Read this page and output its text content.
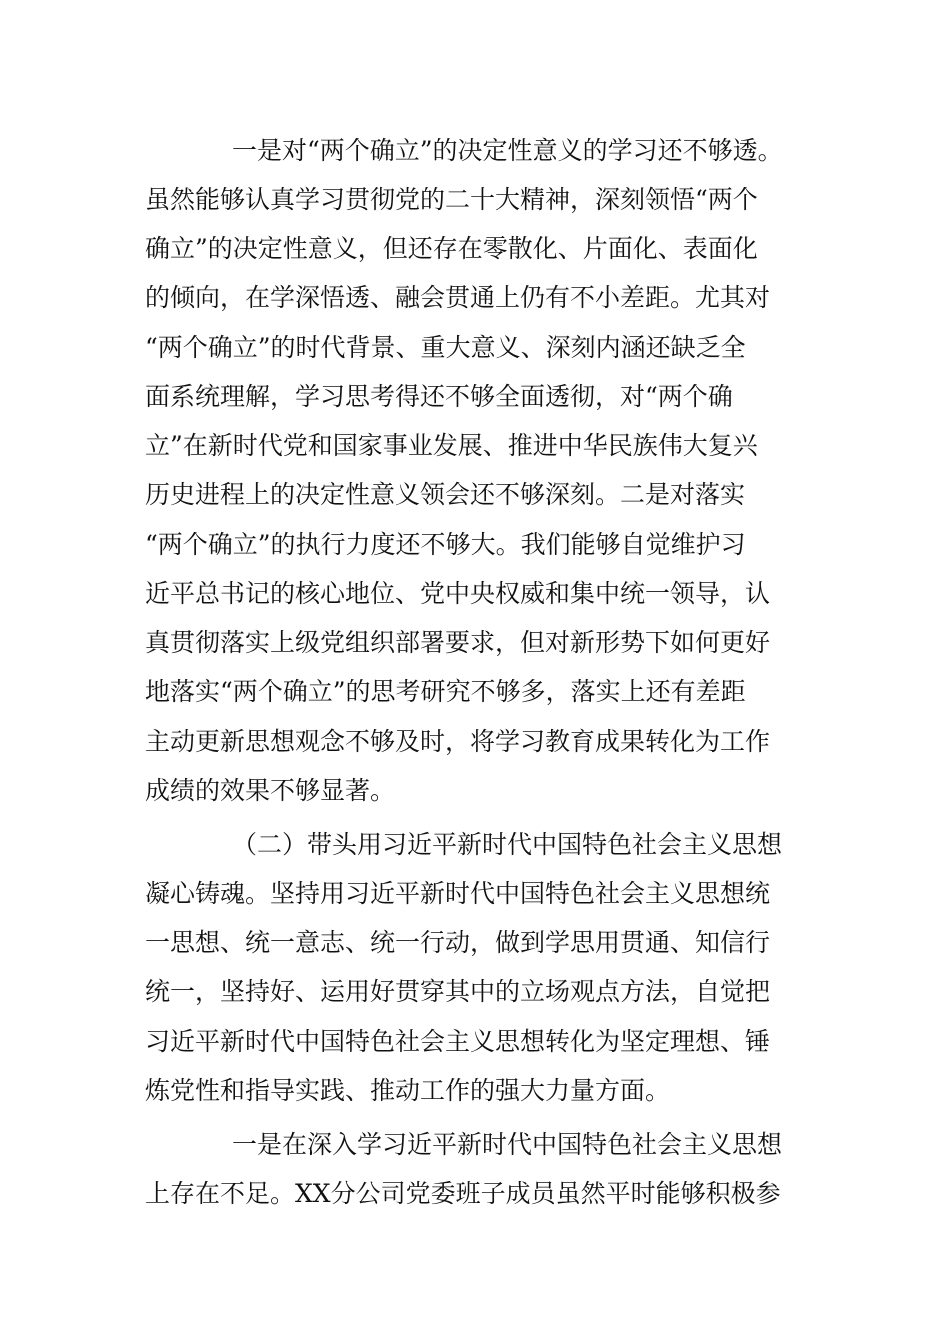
一是对“两个确立”的决定性意义的学习还不够透。
虽然能够认真学习贯彻党的二十大精神，深刻领悟“两个
确立”的决定性意义，但还存在零散化、片面化、表面化
的倾向，在学深悟透、融会贯通上仍有不小差距。尤其对
“两个确立”的时代背景、重大意义、深刻内涵还缺乏全
面系统理解，学习思考得还不够全面透彻，对“两个确
立”在新时代党和国家事业发展、推进中华民族伟大复兴
历史进程上的决定性意义领会还不够深刻。二是对落实
“两个确立”的执行力度还不够大。我们能够自觉维护习
近平总书记的核心地位、党中央权威和集中统一领导，认
真贯彻落实上级党组织部署要求，但对新形势下如何更好
地落实“两个确立”的思考研究不够多，落实上还有差距
主动更新思想观念不够及时，将学习教育成果转化为工作
成绩的效果不够显著。
（二）带头用习近平新时代中国特色社会主义思想
凝心铸魂。坚持用习近平新时代中国特色社会主义思想统
一思想、统一意志、统一行动，做到学思用贯通、知信行
统一，坚持好、运用好贯穿其中的立场观点方法，自觉把
习近平新时代中国特色社会主义思想转化为坚定理想、锤
炼党性和指导实践、推动工作的强大力量方面。
一是在深入学习近平新时代中国特色社会主义思想
上存在不足。XX分公司党委班子成员虽然平时能够积极参
